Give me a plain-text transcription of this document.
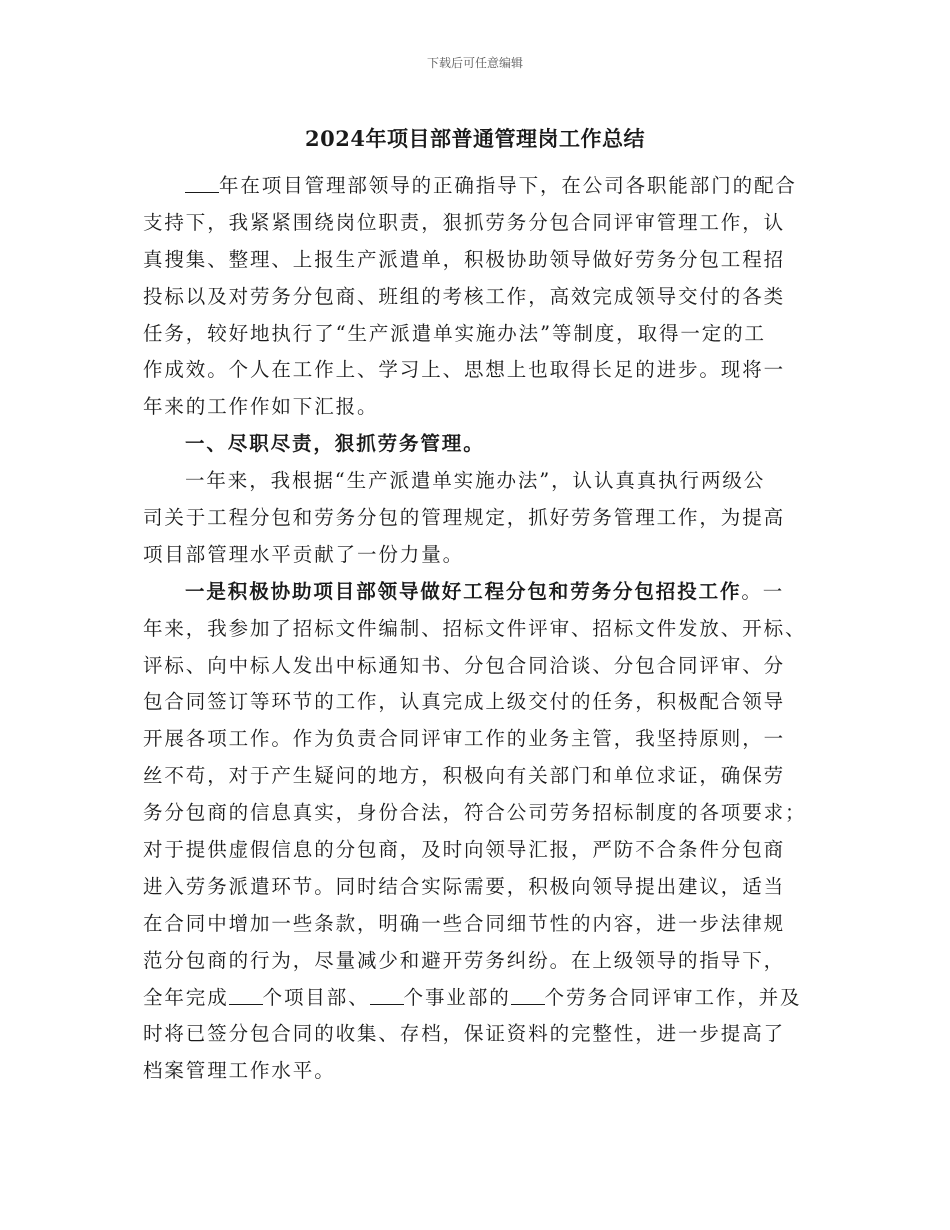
下载后可任意编辑
2024年项目部普通管理岗工作总结
年在项目管理部领导的正确指导下，在公司各职能部门的配合
支持下，我紧紧围绕岗位职责，狠抓劳务分包合同评审管理工作，认
真搜集、整理、上报生产派遣单，积极协助领导做好劳务分包工程招
投标以及对劳务分包商、班组的考核工作，高效完成领导交付的各类
任务，较好地执行了“生产派遣单实施办法”等制度，取得一定的工
作成效。个人在工作上、学习上、思想上也取得长足的进步。现将一
年来的工作作如下汇报。
一、尽职尽责，狠抓劳务管理。
一年来，我根据“生产派遣单实施办法”，认认真真执行两级公
司关于工程分包和劳务分包的管理规定，抓好劳务管理工作，为提高
项目部管理水平贡献了一份力量。
一是积极协助项目部领导做好工程分包和劳务分包招投工作。一
年来，我参加了招标文件编制、招标文件评审、招标文件发放、开标、
评标、向中标人发出中标通知书、分包合同洽谈、分包合同评审、分
包合同签订等环节的工作，认真完成上级交付的任务，积极配合领导
开展各项工作。作为负责合同评审工作的业务主管，我坚持原则，一
丝不苟，对于产生疑问的地方，积极向有关部门和单位求证，确保劳
务分包商的信息真实，身份合法，符合公司劳务招标制度的各项要求；
对于提供虚假信息的分包商，及时向领导汇报，严防不合条件分包商
进入劳务派遣环节。同时结合实际需要，积极向领导提出建议，适当
在合同中增加一些条款，明确一些合同细节性的内容，进一步法律规
范分包商的行为，尽量减少和避开劳务纠纷。在上级领导的指导下，
全年完成 个项目部、 个事业部的 个劳务合同评审工作，并及
时将已签分包合同的收集、存档，保证资料的完整性，进一步提高了
档案管理工作水平。
